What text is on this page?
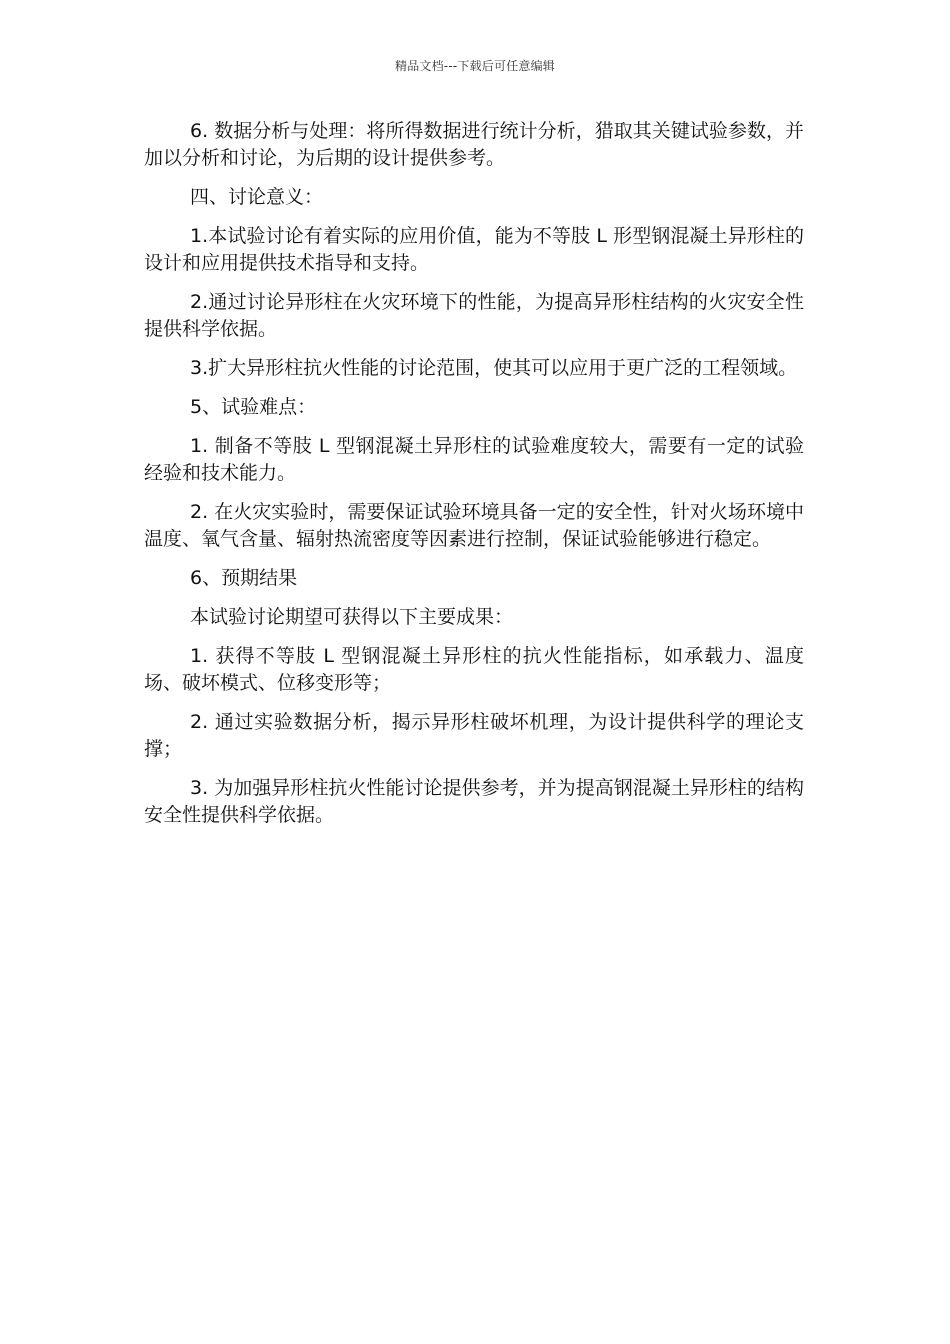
精品文档---下载后可任意编辑

6. 数据分析与处理：将所得数据进行统计分析，猎取其关键试验参数，并加以分析和讨论，为后期的设计提供参考。

四、讨论意义：

1.本试验讨论有着实际的应用价值，能为不等肢 L 形型钢混凝土异形柱的设计和应用提供技术指导和支持。

2.通过讨论异形柱在火灾环境下的性能，为提高异形柱结构的火灾安全性提供科学依据。

3.扩大异形柱抗火性能的讨论范围，使其可以应用于更广泛的工程领域。

5、试验难点：

1. 制备不等肢 L 型钢混凝土异形柱的试验难度较大，需要有一定的试验经验和技术能力。

2. 在火灾实验时，需要保证试验环境具备一定的安全性，针对火场环境中温度、氧气含量、辐射热流密度等因素进行控制，保证试验能够进行稳定。

6、预期结果

本试验讨论期望可获得以下主要成果：

1. 获得不等肢 L 型钢混凝土异形柱的抗火性能指标，如承载力、温度场、破坏模式、位移变形等；

2. 通过实验数据分析，揭示异形柱破坏机理，为设计提供科学的理论支撑；

3. 为加强异形柱抗火性能讨论提供参考，并为提高钢混凝土异形柱的结构安全性提供科学依据。
